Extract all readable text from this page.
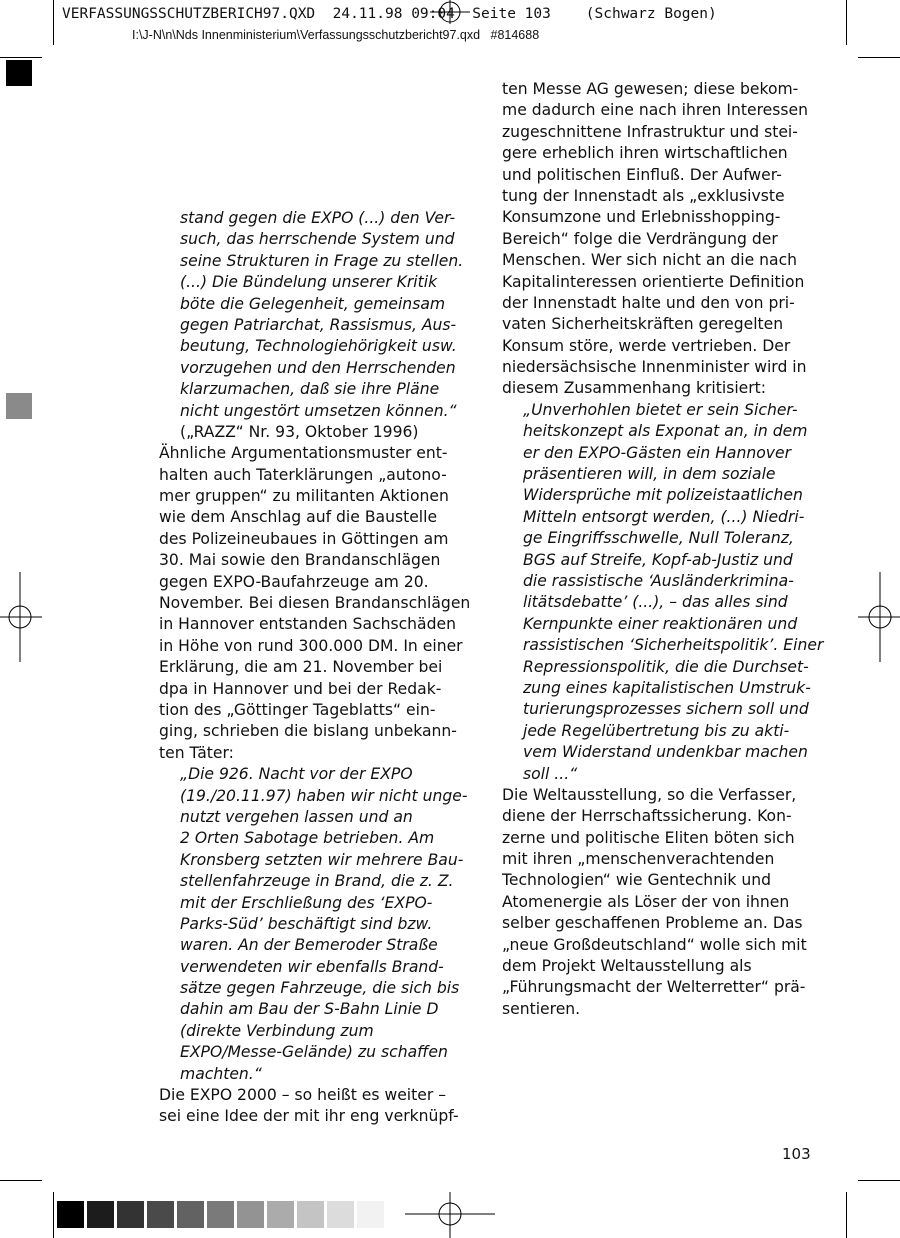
VERFASSUNGSSCHUTZBERICH97.QXD  24.11.98 09:04  Seite 103    (Schwarz Bogen)
I:\J-N\n\Nds Innenministerium\Verfassungsschutzbericht97.qxd   #814688
stand gegen die EXPO (...) den Ver-
such, das herrschende System und
seine Strukturen in Frage zu stellen.
(...) Die Bündelung unserer Kritik
böte die Gelegenheit, gemeinsam
gegen Patriarchat, Rassismus, Aus-
beutung, Technologiehörigkeit usw.
vorzugehen und den Herrschenden
klarzumachen, daß sie ihre Pläne
nicht ungestört umsetzen können.“
(„RAZZ“ Nr. 93, Oktober 1996)
Ähnliche Argumentationsmuster ent-
halten auch Taterklärungen „autono-
mer gruppen“ zu militanten Aktionen
wie dem Anschlag auf die Baustelle
des Polizeineubaues in Göttingen am
30. Mai sowie den Brandanschlägen
gegen EXPO-Baufahrzeuge am 20.
November. Bei diesen Brandanschlägen
in Hannover entstanden Sachschäden
in Höhe von rund 300.000 DM. In einer
Erklärung, die am 21. November bei
dpa in Hannover und bei der Redak-
tion des „Göttinger Tageblatts“ ein-
ging, schrieben die bislang unbekann-
ten Täter:
„Die 926. Nacht vor der EXPO
(19./20.11.97) haben wir nicht unge-
nutzt vergehen lassen und an
2 Orten Sabotage betrieben. Am
Kronsberg setzten wir mehrere Bau-
stellenfahrzeuge in Brand, die z. Z.
mit der Erschließung des ‘EXPO-
Parks-Süd’ beschäftigt sind bzw.
waren. An der Bemeroder Straße
verwendeten wir ebenfalls Brand-
sätze gegen Fahrzeuge, die sich bis
dahin am Bau der S-Bahn Linie D
(direkte Verbindung zum
EXPO/Messe-Gelände) zu schaffen
machten.“
Die EXPO 2000 – so heißt es weiter –
sei eine Idee der mit ihr eng verknüpf-
ten Messe AG gewesen; diese bekom-
me dadurch eine nach ihren Interessen
zugeschnittene Infrastruktur und stei-
gere erheblich ihren wirtschaftlichen
und politischen Einfluß. Der Aufwer-
tung der Innenstadt als „exklusivste
Konsumzone und Erlebnisshopping-
Bereich“ folge die Verdrängung der
Menschen. Wer sich nicht an die nach
Kapitalinteressen orientierte Definition
der Innenstadt halte und den von pri-
vaten Sicherheitskräften geregelten
Konsum störe, werde vertrieben. Der
niedersächsische Innenminister wird in
diesem Zusammenhang kritisiert:
„Unverhohlen bietet er sein Sicher-
heitskonzept als Exponat an, in dem
er den EXPO-Gästen ein Hannover
präsentieren will, in dem soziale
Widersprüche mit polizeistaatlichen
Mitteln entsorgt werden, (...) Niedri-
ge Eingriffsschwelle, Null Toleranz,
BGS auf Streife, Kopf-ab-Justiz und
die rassistische ‘Ausländerkrimina-
litätsdebatte’ (...), – das alles sind
Kernpunkte einer reaktionären und
rassistischen ‘Sicherheitspolitik’. Einer
Repressionspolitik, die die Durchset-
zung eines kapitalistischen Umstruk-
turierungsprozesses sichern soll und
jede Regelübertretung bis zu akti-
vem Widerstand undenkbar machen
soll ...“
Die Weltausstellung, so die Verfasser,
diene der Herrschaftssicherung. Kon-
zerne und politische Eliten böten sich
mit ihren „menschenverachtenden
Technologien“ wie Gentechnik und
Atomenergie als Löser der von ihnen
selber geschaffenen Probleme an. Das
„neue Großdeutschland“ wolle sich mit
dem Projekt Weltausstellung als
„Führungsmacht der Welterretter“ prä-
sentieren.
103
